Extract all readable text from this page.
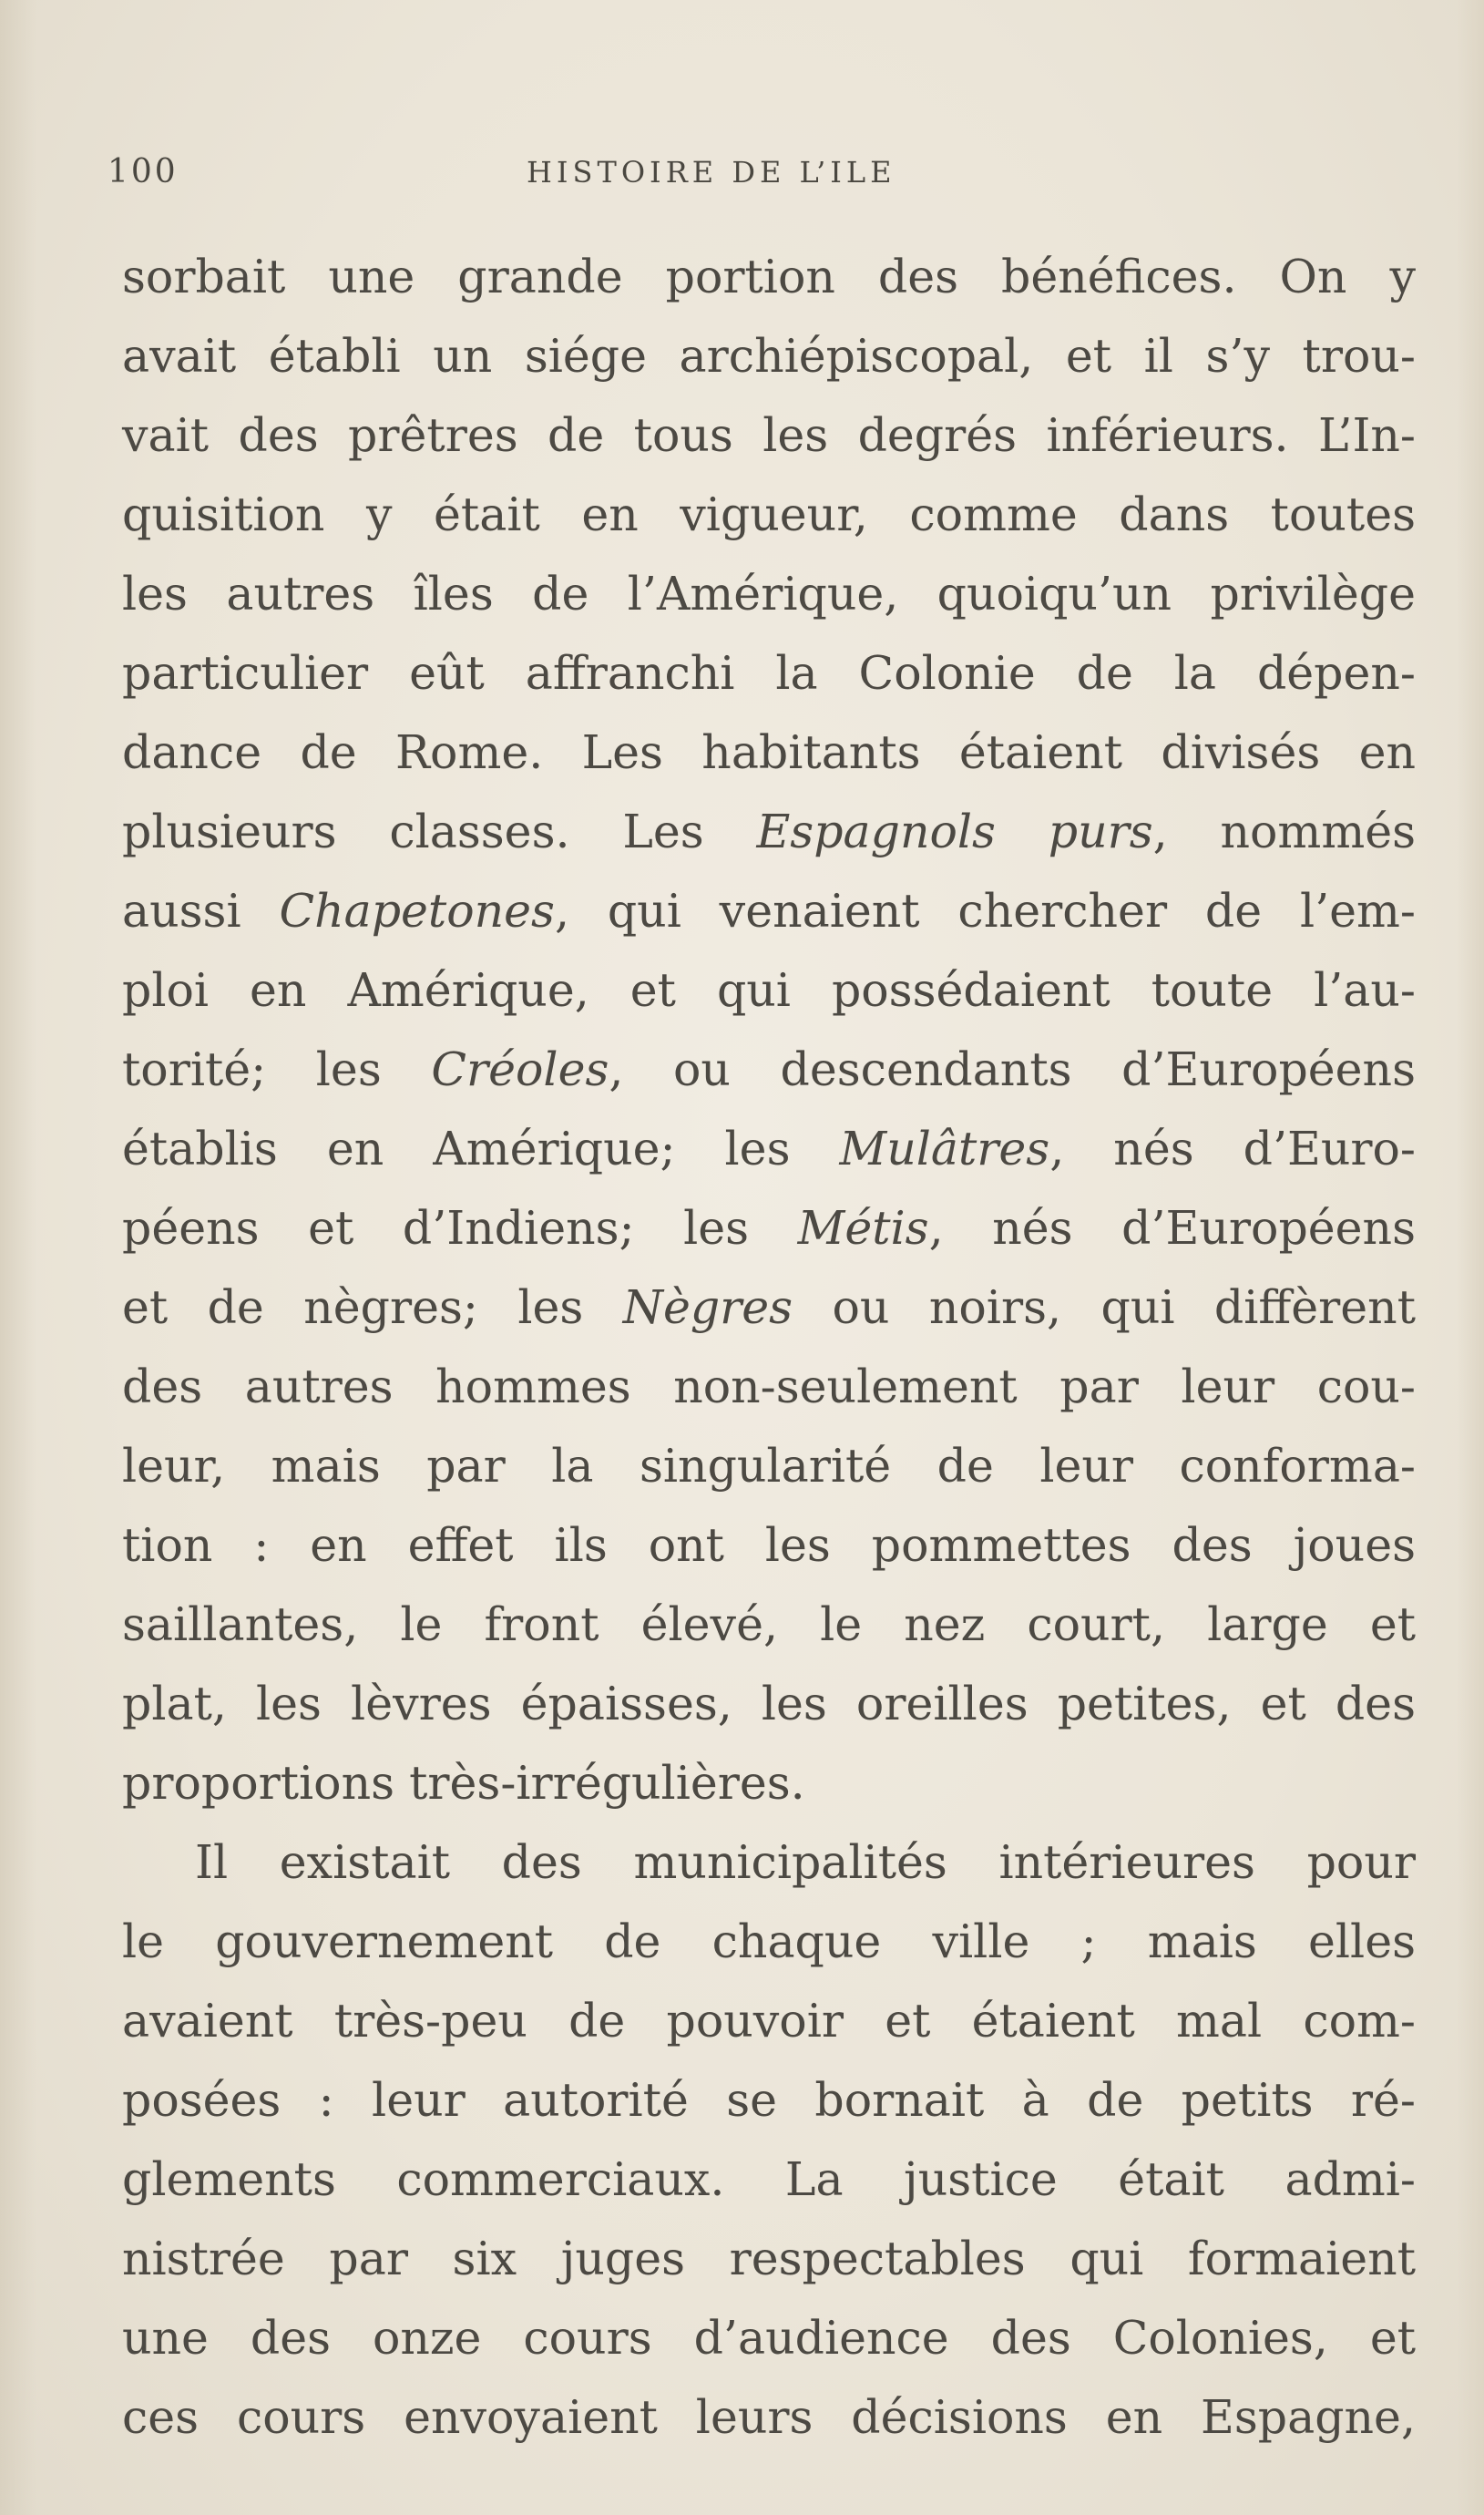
100	HISTOIRE DE L’ILE
sorbait une grande portion des bénéfices. On y
avait établi un siége archiépiscopal, et il s’y trou-
vait des prêtres de tous les degrés inférieurs. L’In-
quisition y était en vigueur, comme dans toutes
les autres îles de l’Amérique, quoiqu’un privilège
particulier eût affranchi la Colonie de la dépen-
dance de Rome. Les habitants étaient divisés en
plusieurs classes. Les Espagnols purs, nommés
aussi Chapetones, qui venaient chercher de l’em-
ploi en Amérique, et qui possédaient toute l’au-
torité; les Créoles, ou descendants d’Européens
établis en Amérique; les Mulâtres, nés d’Euro-
péens et d’Indiens; les Métis, nés d’Européens
et de nègres; les Nègres ou noirs, qui diffèrent
des autres hommes non-seulement par leur cou-
leur, mais par la singularité de leur conforma-
tion : en effet ils ont les pommettes des joues
saillantes, le front élevé, le nez court, large et
plat, les lèvres épaisses, les oreilles petites, et des
proportions très-irrégulières.
Il existait des municipalités intérieures pour
le gouvernement de chaque ville ; mais elles
avaient très-peu de pouvoir et étaient mal com-
posées : leur autorité se bornait à de petits ré-
glements commerciaux. La justice était admi-
nistrée par six juges respectables qui formaient
une des onze cours d’audience des Colonies, et
ces cours envoyaient leurs décisions en Espagne,
